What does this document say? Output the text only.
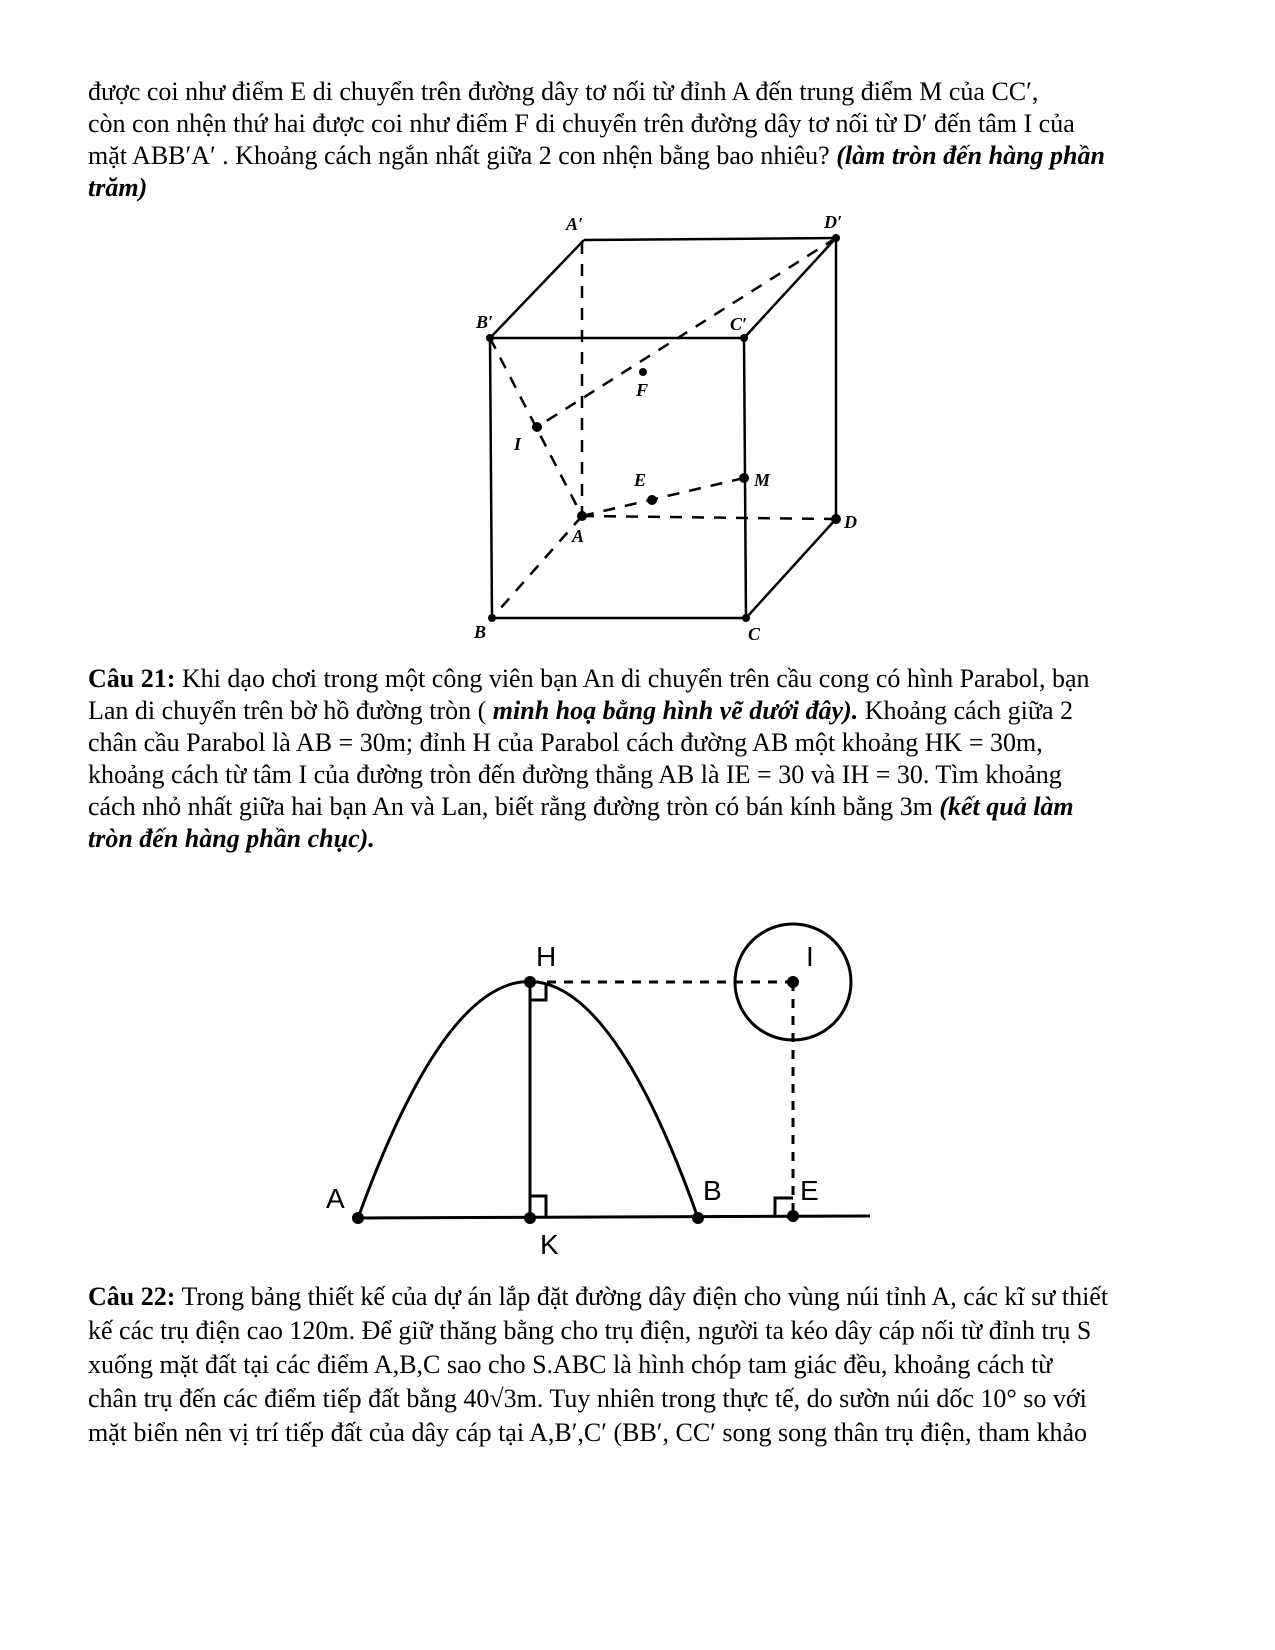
được coi như điểm E di chuyển trên đường dây tơ nối từ đỉnh A đến trung điểm M của CC′,
còn con nhện thứ hai được coi như điểm F di chuyển trên đường dây tơ nối từ D′ đến tâm I của
mặt ABB′A′ . Khoảng cách ngắn nhất giữa 2 con nhện bằng bao nhiêu? (làm tròn đến hàng phần
trăm)
A′	D′
B′	C′
F
I
E	M
A
D
B	C
Câu 21: Khi dạo chơi trong một công viên bạn An di chuyển trên cầu cong có hình Parabol, bạn
Lan di chuyển trên bờ hồ đường tròn ( minh hoạ bằng hình vẽ dưới đây). Khoảng cách giữa 2
chân cầu Parabol là AB = 30m; đỉnh H của Parabol cách đường AB một khoảng HK = 30m,
khoảng cách từ tâm I của đường tròn đến đường thẳng AB là IE = 30 và IH = 30. Tìm khoảng
cách nhỏ nhất giữa hai bạn An và Lan, biết rằng đường tròn có bán kính bằng 3m (kết quả làm
tròn đến hàng phần chục).
H	I
A	B	E
K
Câu 22: Trong bảng thiết kế của dự án lắp đặt đường dây điện cho vùng núi tỉnh A, các kĩ sư thiết
kế các trụ điện cao 120m. Để giữ thăng bằng cho trụ điện, người ta kéo dây cáp nối từ đỉnh trụ S
xuống mặt đất tại các điểm A,B,C sao cho S.ABC là hình chóp tam giác đều, khoảng cách từ
chân trụ đến các điểm tiếp đất bằng 40√3m. Tuy nhiên trong thực tế, do sườn núi dốc 10° so với
mặt biển nên vị trí tiếp đất của dây cáp tại A,B′,C′ (BB′, CC′ song song thân trụ điện, tham khảo
